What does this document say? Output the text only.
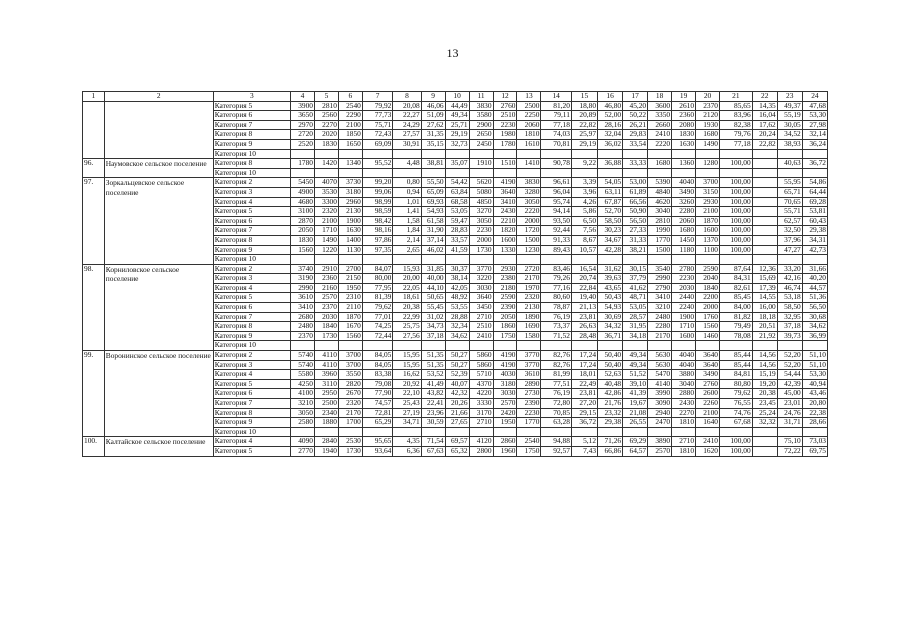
13
1	2	3	4	5	6	7	8	9	10	11	12	13	14	15	16	17	18	19	20	21	22	23	24
		Категория 5	3900	2810	2540	79,92	20,08	46,06	44,49	3830	2760	2500	81,20	18,80	46,80	45,20	3600	2610	2370	85,65	14,35	49,37	47,68
		Категория 6	3650	2560	2290	77,73	22,27	51,09	49,34	3580	2510	2250	79,11	20,89	52,00	50,22	3350	2360	2120	83,96	16,04	55,19	53,30
		Категория 7	2970	2270	2100	75,71	24,29	27,62	25,71	2900	2230	2060	77,18	22,82	28,16	26,21	2660	2080	1930	82,38	17,62	30,05	27,98
		Категория 8	2720	2020	1850	72,43	27,57	31,35	29,19	2650	1980	1810	74,03	25,97	32,04	29,83	2410	1830	1680	79,76	20,24	34,52	32,14
		Категория 9	2520	1830	1650	69,09	30,91	35,15	32,73	2450	1780	1610	70,81	29,19	36,02	33,54	2220	1630	1490	77,18	22,82	38,93	36,24
		Категория 10																					
96.	Наумовское сельское поселение	Категория 8	1780	1420	1340	95,52	4,48	38,81	35,07	1910	1510	1410	90,78	9,22	36,88	33,33	1680	1360	1280	100,00		40,63	36,72
		Категория 10																					
97.	Зоркальцевское сельское поселение	Категория 2	5450	4070	3730	99,20	0,80	55,50	54,42	5620	4190	3830	96,61	3,39	54,05	53,00	5390	4040	3700	100,00		55,95	54,86
		Категория 3	4900	3530	3180	99,06	0,94	65,09	63,84	5080	3640	3280	96,04	3,96	63,11	61,89	4840	3490	3150	100,00		65,71	64,44
		Категория 4	4680	3300	2960	98,99	1,01	69,93	68,58	4850	3410	3050	95,74	4,26	67,87	66,56	4620	3260	2930	100,00		70,65	69,28
		Категория 5	3100	2320	2130	98,59	1,41	54,93	53,05	3270	2430	2220	94,14	5,86	52,70	50,90	3040	2280	2100	100,00		55,71	53,81
		Категория 6	2870	2100	1900	98,42	1,58	61,58	59,47	3050	2210	2000	93,50	6,50	58,50	56,50	2810	2060	1870	100,00		62,57	60,43
		Категория 7	2050	1710	1630	98,16	1,84	31,90	28,83	2230	1820	1720	92,44	7,56	30,23	27,33	1990	1680	1600	100,00		32,50	29,38
		Категория 8	1830	1490	1400	97,86	2,14	37,14	33,57	2000	1600	1500	91,33	8,67	34,67	31,33	1770	1450	1370	100,00		37,96	34,31
		Категория 9	1560	1220	1130	97,35	2,65	46,02	41,59	1730	1330	1230	89,43	10,57	42,28	38,21	1500	1180	1100	100,00		47,27	42,73
		Категория 10																					
98.	Корниловское сельское поселение	Категория 2	3740	2910	2700	84,07	15,93	31,85	30,37	3770	2930	2720	83,46	16,54	31,62	30,15	3540	2780	2590	87,64	12,36	33,20	31,66
		Категория 3	3190	2360	2150	80,00	20,00	40,00	38,14	3220	2380	2170	79,26	20,74	39,63	37,79	2990	2230	2040	84,31	15,69	42,16	40,20
		Категория 4	2990	2160	1950	77,95	22,05	44,10	42,05	3030	2180	1970	77,16	22,84	43,65	41,62	2790	2030	1840	82,61	17,39	46,74	44,57
		Категория 5	3610	2570	2310	81,39	18,61	50,65	48,92	3640	2590	2320	80,60	19,40	50,43	48,71	3410	2440	2200	85,45	14,55	53,18	51,36
		Категория 6	3410	2370	2110	79,62	20,38	55,45	53,55	3450	2390	2130	78,87	21,13	54,93	53,05	3210	2240	2000	84,00	16,00	58,50	56,50
		Категория 7	2680	2030	1870	77,01	22,99	31,02	28,88	2710	2050	1890	76,19	23,81	30,69	28,57	2480	1900	1760	81,82	18,18	32,95	30,68
		Категория 8	2480	1840	1670	74,25	25,75	34,73	32,34	2510	1860	1690	73,37	26,63	34,32	31,95	2280	1710	1560	79,49	20,51	37,18	34,62
		Категория 9	2370	1730	1560	72,44	27,56	37,18	34,62	2410	1750	1580	71,52	28,48	36,71	34,18	2170	1600	1460	78,08	21,92	39,73	36,99
		Категория 10																					
99.	Воронинское сельское поселение	Категория 2	5740	4110	3700	84,05	15,95	51,35	50,27	5860	4190	3770	82,76	17,24	50,40	49,34	5630	4040	3640	85,44	14,56	52,20	51,10
		Категория 3	5740	4110	3700	84,05	15,95	51,35	50,27	5860	4190	3770	82,76	17,24	50,40	49,34	5630	4040	3640	85,44	14,56	52,20	51,10
		Категория 4	5580	3960	3550	83,38	16,62	53,52	52,39	5710	4030	3610	81,99	18,01	52,63	51,52	5470	3880	3490	84,81	15,19	54,44	53,30
		Категория 5	4250	3110	2820	79,08	20,92	41,49	40,07	4370	3180	2890	77,51	22,49	40,48	39,10	4140	3040	2760	80,80	19,20	42,39	40,94
		Категория 6	4100	2950	2670	77,90	22,10	43,82	42,32	4220	3030	2730	76,19	23,81	42,86	41,39	3990	2880	2600	79,62	20,38	45,00	43,46
		Категория 7	3210	2500	2320	74,57	25,43	22,41	20,26	3330	2570	2390	72,80	27,20	21,76	19,67	3090	2430	2260	76,55	23,45	23,01	20,80
		Категория 8	3050	2340	2170	72,81	27,19	23,96	21,66	3170	2420	2230	70,85	29,15	23,32	21,08	2940	2270	2100	74,76	25,24	24,76	22,38
		Категория 9	2580	1880	1700	65,29	34,71	30,59	27,65	2710	1950	1770	63,28	36,72	29,38	26,55	2470	1810	1640	67,68	32,32	31,71	28,66
		Категория 10																					
100.	Калтайское сельское поселение	Категория 4	4090	2840	2530	95,65	4,35	71,54	69,57	4120	2860	2540	94,88	5,12	71,26	69,29	3890	2710	2410	100,00		75,10	73,03
		Категория 5	2770	1940	1730	93,64	6,36	67,63	65,32	2800	1960	1750	92,57	7,43	66,86	64,57	2570	1810	1620	100,00		72,22	69,75
